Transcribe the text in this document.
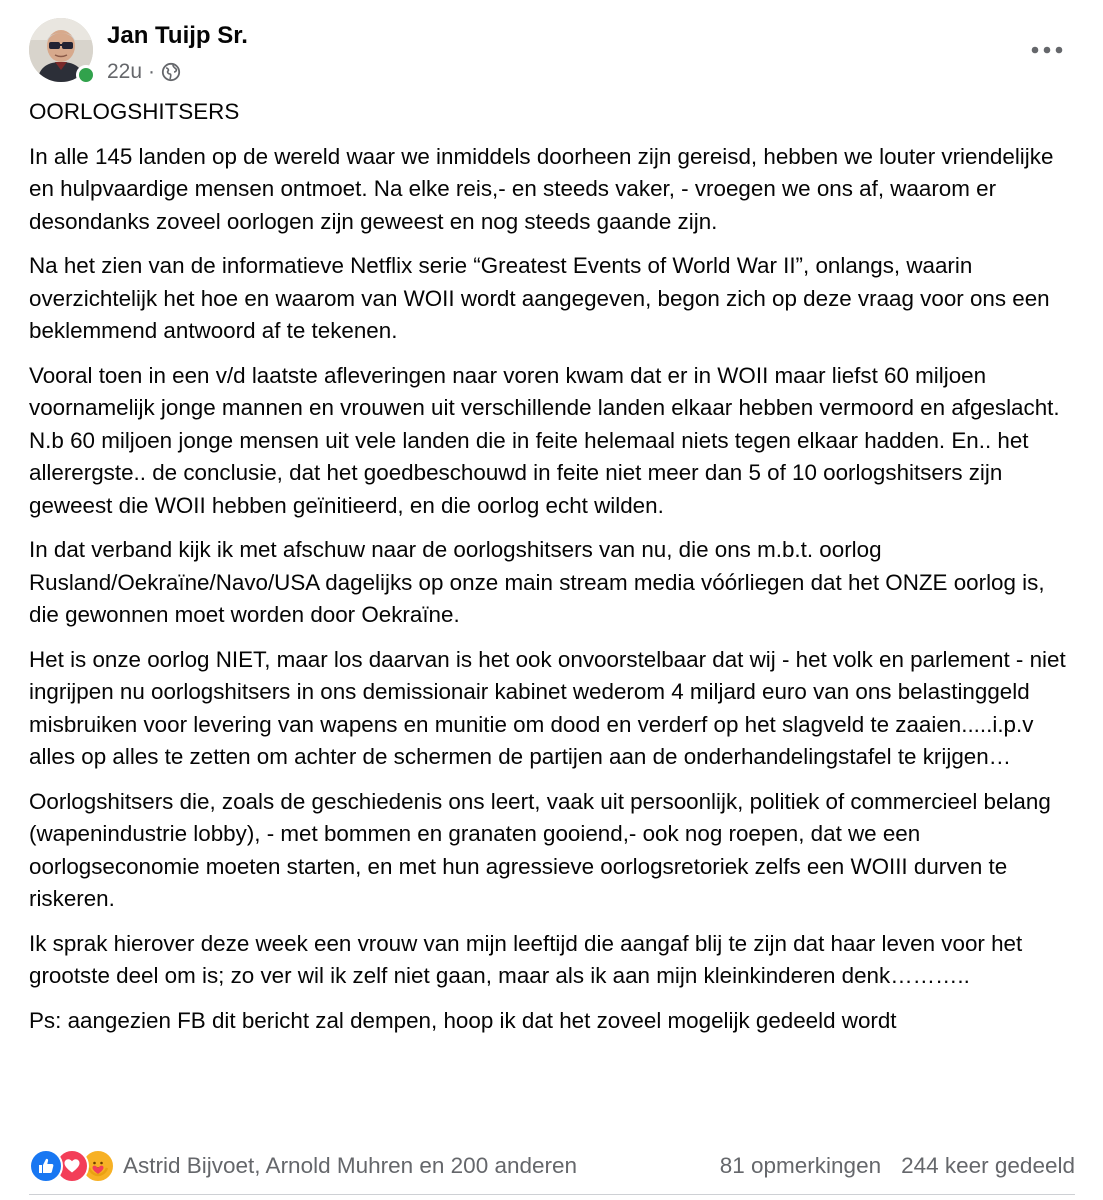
Jan Tuijp Sr.
22u ·

OORLOGSHITSERS

In alle 145 landen op de wereld waar we inmiddels doorheen zijn gereisd, hebben we louter vriendelijke en hulpvaardige mensen ontmoet. Na elke reis,- en steeds vaker, - vroegen we ons af, waarom er desondanks zoveel oorlogen zijn geweest en nog steeds gaande zijn.

Na het zien van de informatieve Netflix serie “Greatest Events of World War II”, onlangs, waarin overzichtelijk het hoe en waarom van WOII wordt aangegeven, begon zich op deze vraag voor ons een beklemmend antwoord af te tekenen.

Vooral toen in een v/d laatste afleveringen naar voren kwam dat er in WOII maar liefst 60 miljoen voornamelijk jonge mannen en vrouwen uit verschillende landen elkaar hebben vermoord en afgeslacht. N.b 60 miljoen jonge mensen uit vele landen die in feite helemaal niets tegen elkaar hadden. En.. het allerergste.. de conclusie, dat het goedbeschouwd in feite niet meer dan 5 of 10 oorlogshitsers zijn geweest die WOII hebben geïnitieerd, en die oorlog echt wilden.

In dat verband kijk ik met afschuw naar de oorlogshitsers van nu, die ons m.b.t. oorlog Rusland/Oekraïne/Navo/USA dagelijks op onze main stream media vóórliegen dat het ONZE oorlog is, die gewonnen moet worden door Oekraïne.

Het is onze oorlog NIET, maar los daarvan is het ook onvoorstelbaar dat wij - het volk en parlement - niet ingrijpen nu oorlogshitsers in ons demissionair kabinet wederom 4 miljard euro van ons belastinggeld misbruiken voor levering van wapens en munitie om dood en verderf op het slagveld te zaaien.....i.p.v alles op alles te zetten om achter de schermen de partijen aan de onderhandelingstafel te krijgen…

Oorlogshitsers die, zoals de geschiedenis ons leert, vaak uit persoonlijk, politiek of commercieel belang (wapenindustrie lobby), - met bommen en granaten gooiend,- ook nog roepen, dat we een oorlogseconomie moeten starten, en met hun agressieve oorlogsretoriek zelfs een WOIII durven te riskeren.

Ik sprak hierover deze week een vrouw van mijn leeftijd die aangaf blij te zijn dat haar leven voor het grootste deel om is; zo ver wil ik zelf niet gaan, maar als ik aan mijn kleinkinderen denk………..

Ps: aangezien FB dit bericht zal dempen, hoop ik dat het zoveel mogelijk gedeeld wordt

Astrid Bijvoet, Arnold Muhren en 200 anderen	81 opmerkingen 244 keer gedeeld
